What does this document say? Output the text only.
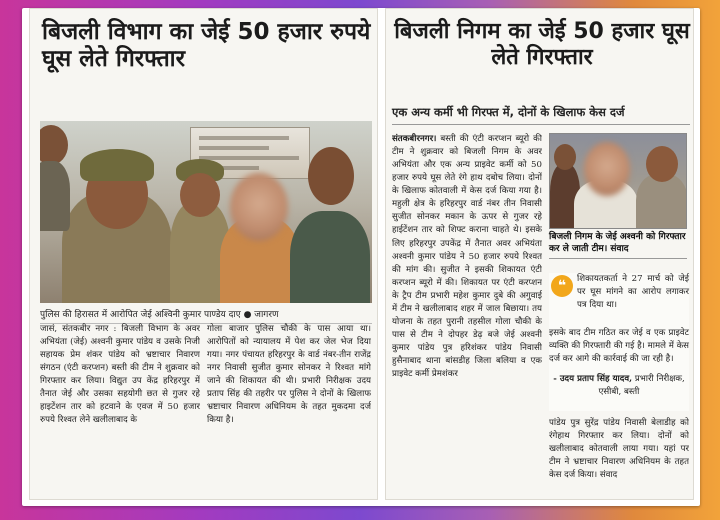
बिजली विभाग का जेई 50 हजार रुपये घूस लेते गिरफ्तार
पुलिस की हिरासत में आरोपित जेई अश्विनी कुमार पाण्डेय दाए ● जागरण
जासं, संतकबीर नगर : बिजली विभाग के अवर अभियंता (जेई) अश्वनी कुमार पांडेय व उसके निजी सहायक प्रेम शंकर पांडेय को भ्रष्टाचार निवारण संगठन (एंटी करप्शन) बस्ती की टीम ने शुक्रवार को गिरफ्तार कर लिया। विद्युत उप केंद्र हरिहरपुर में तैनात जेई और उसका सहयोगी छत से गुजर रहे हाइटेंशन तार को हटवाने के एवज में 50 हजार रुपये रिश्वत लेने खलीलाबाद के
गोला बाजार पुलिस चौकी के पास आया था। आरोपितों को न्यायालय में पेश कर जेल भेज दिया गया। नगर पंचायत हरिहरपुर के वार्ड नंबर-तीन राजेंद्र नगर निवासी सुजीत कुमार सोनकर ने रिश्वत मांगे जाने की शिकायत की थी। प्रभारी निरीक्षक उदय प्रताप सिंह की तहरीर पर पुलिस ने दोनों के खिलाफ भ्रष्टाचार निवारण अधिनियम के तहत मुकदमा दर्ज किया है।
बिजली निगम का जेई 50 हजार घूस लेते गिरफ्तार
एक अन्य कर्मी भी गिरफ्त में, दोनों के खिलाफ केस दर्ज
संतकबीरनगर। बस्ती की एंटी करप्शन ब्यूरो की टीम ने शुक्रवार को बिजली निगम के अवर अभियंता और एक अन्य प्राइवेट कर्मी को 50 हजार रुपये घूस लेते रंगे हाथ दबोच लिया। दोनों के खिलाफ कोतवाली में केस दर्ज किया गया है। महुली क्षेत्र के हरिहरपुर वार्ड नंबर तीन निवासी सुजीत सोनकर मकान के ऊपर से गुजर रहे हाईटेंशन तार को शिफ्ट कराना चाहते थे। इसके लिए हरिहरपुर उपकेंद्र में तैनात अवर अभियंता अश्वनी कुमार पांडेय ने 50 हजार रुपये रिश्वत की मांग की। सुजीत ने इसकी शिकायत एंटी करप्शन ब्यूरो में की। शिकायत पर एंटी करप्शन के ट्रैप टीम प्रभारी महेश कुमार दुबे की अगुवाई में टीम ने खलीलाबाद शहर में जाल बिछाया। तय योजना के तहत पुरानी तहसील गोला चौकी के पास से टीम ने दोपहर डेढ़ बजे जेई अश्वनी कुमार पांडेय पुत्र हरिशंकर पांडेय निवासी हुसैनाबाद थाना बांसडीह जिला बलिया व एक प्राइवेट कर्मी प्रेमशंकर
बिजली निगम के जेई अश्वनी को गिरफ्तार कर ले जाती टीम। संवाद
❝	शिकायतकर्ता ने 27 मार्च को जेई पर घूस मांगने का आरोप लगाकर पत्र दिया था।
इसके बाद टीम गठित कर जेई व एक प्राइवेट व्यक्ति की गिरफ्तारी की गई है। मामले में केस दर्ज कर आगे की कार्रवाई की जा रही है।
- उदय प्रताप सिंह यादव, प्रभारी निरीक्षक, एसीबी, बस्ती
पांडेय पुत्र सुरेंद्र पांडेय निवासी बेलाडीह को रंगेहाथ गिरफ्तार कर लिया। दोनों को खलीलाबाद कोतवाली लाया गया। यहां पर टीम ने भ्रष्टाचार निवारण अधिनियम के तहत केस दर्ज किया। संवाद
